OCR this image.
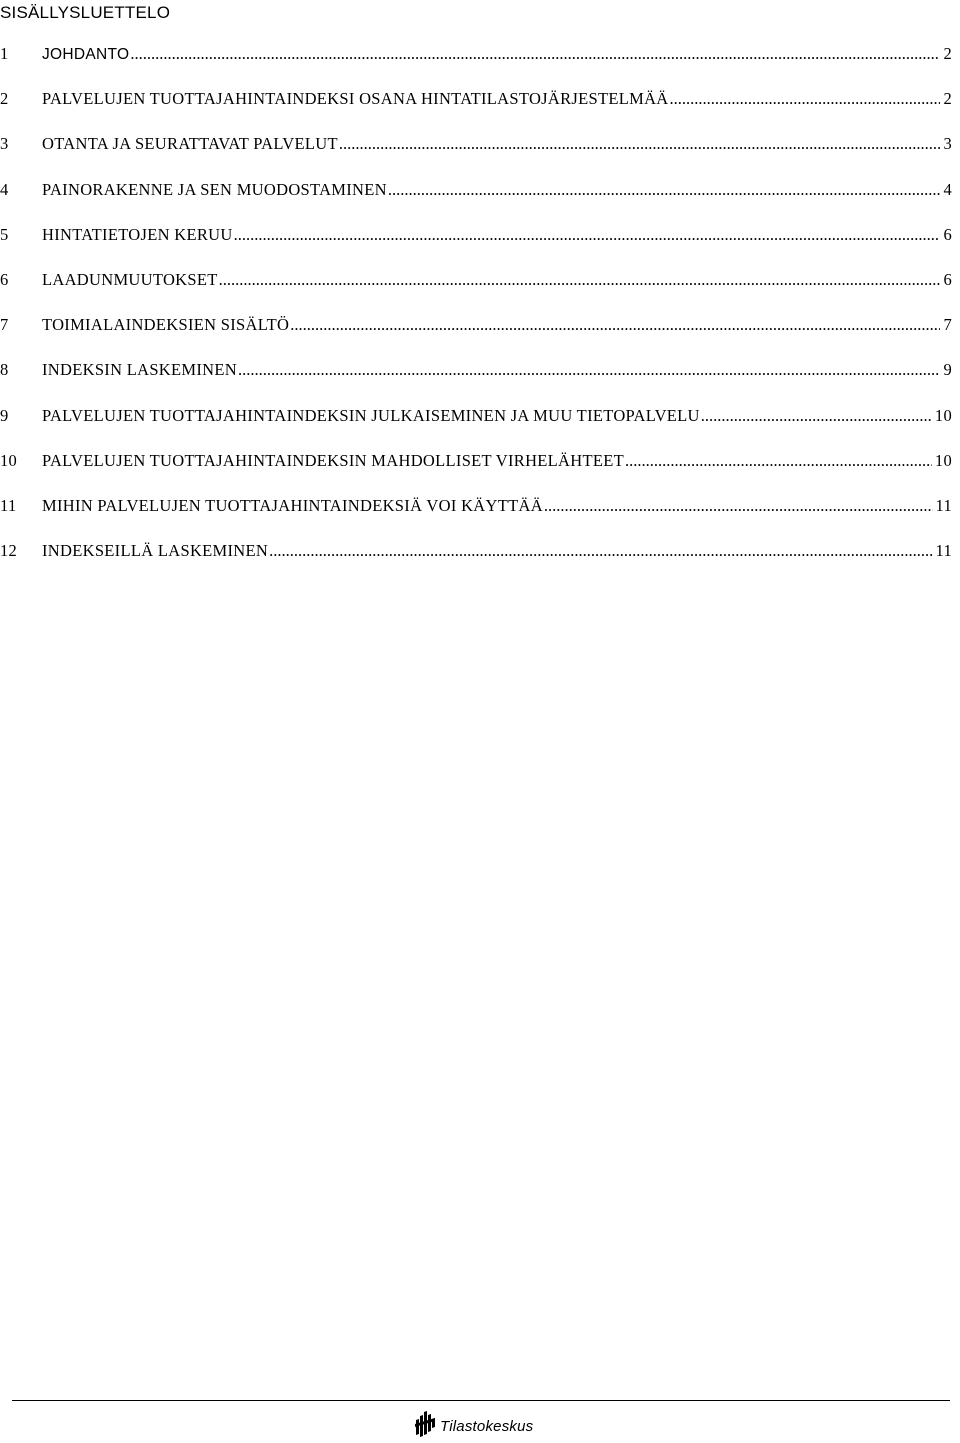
SISÄLLYSLUETTELO
1	JOHDANTO .....	2
2	PALVELUJEN TUOTTAJAHINTAINDEKSI OSANA HINTATILASTOJÄRJESTELMÄÄ .....	2
3	OTANTA JA SEURATTAVAT PALVELUT .....	3
4	PAINORAKENNE JA SEN MUODOSTAMINEN .....	4
5	HINTATIETOJEN KERUU .....	6
6	LAADUNMUUTOKSET .....	6
7	TOIMIALAINDEKSIEN SISÄLTÖ .....	7
8	INDEKSIN LASKEMINEN .....	9
9	PALVELUJEN TUOTTAJAHINTAINDEKSIN JULKAISEMINEN JA MUU TIETOPALVELU .....	10
10	PALVELUJEN TUOTTAJAHINTAINDEKSIN MAHDOLLISET VIRHELÄHTEET .....	10
11	MIHIN PALVELUJEN TUOTTAJAHINTAINDEKSIÄ VOI KÄYTTÄÄ .....	11
12	INDEKSEILLÄ LASKEMINEN .....	11
Tilastokeskus
